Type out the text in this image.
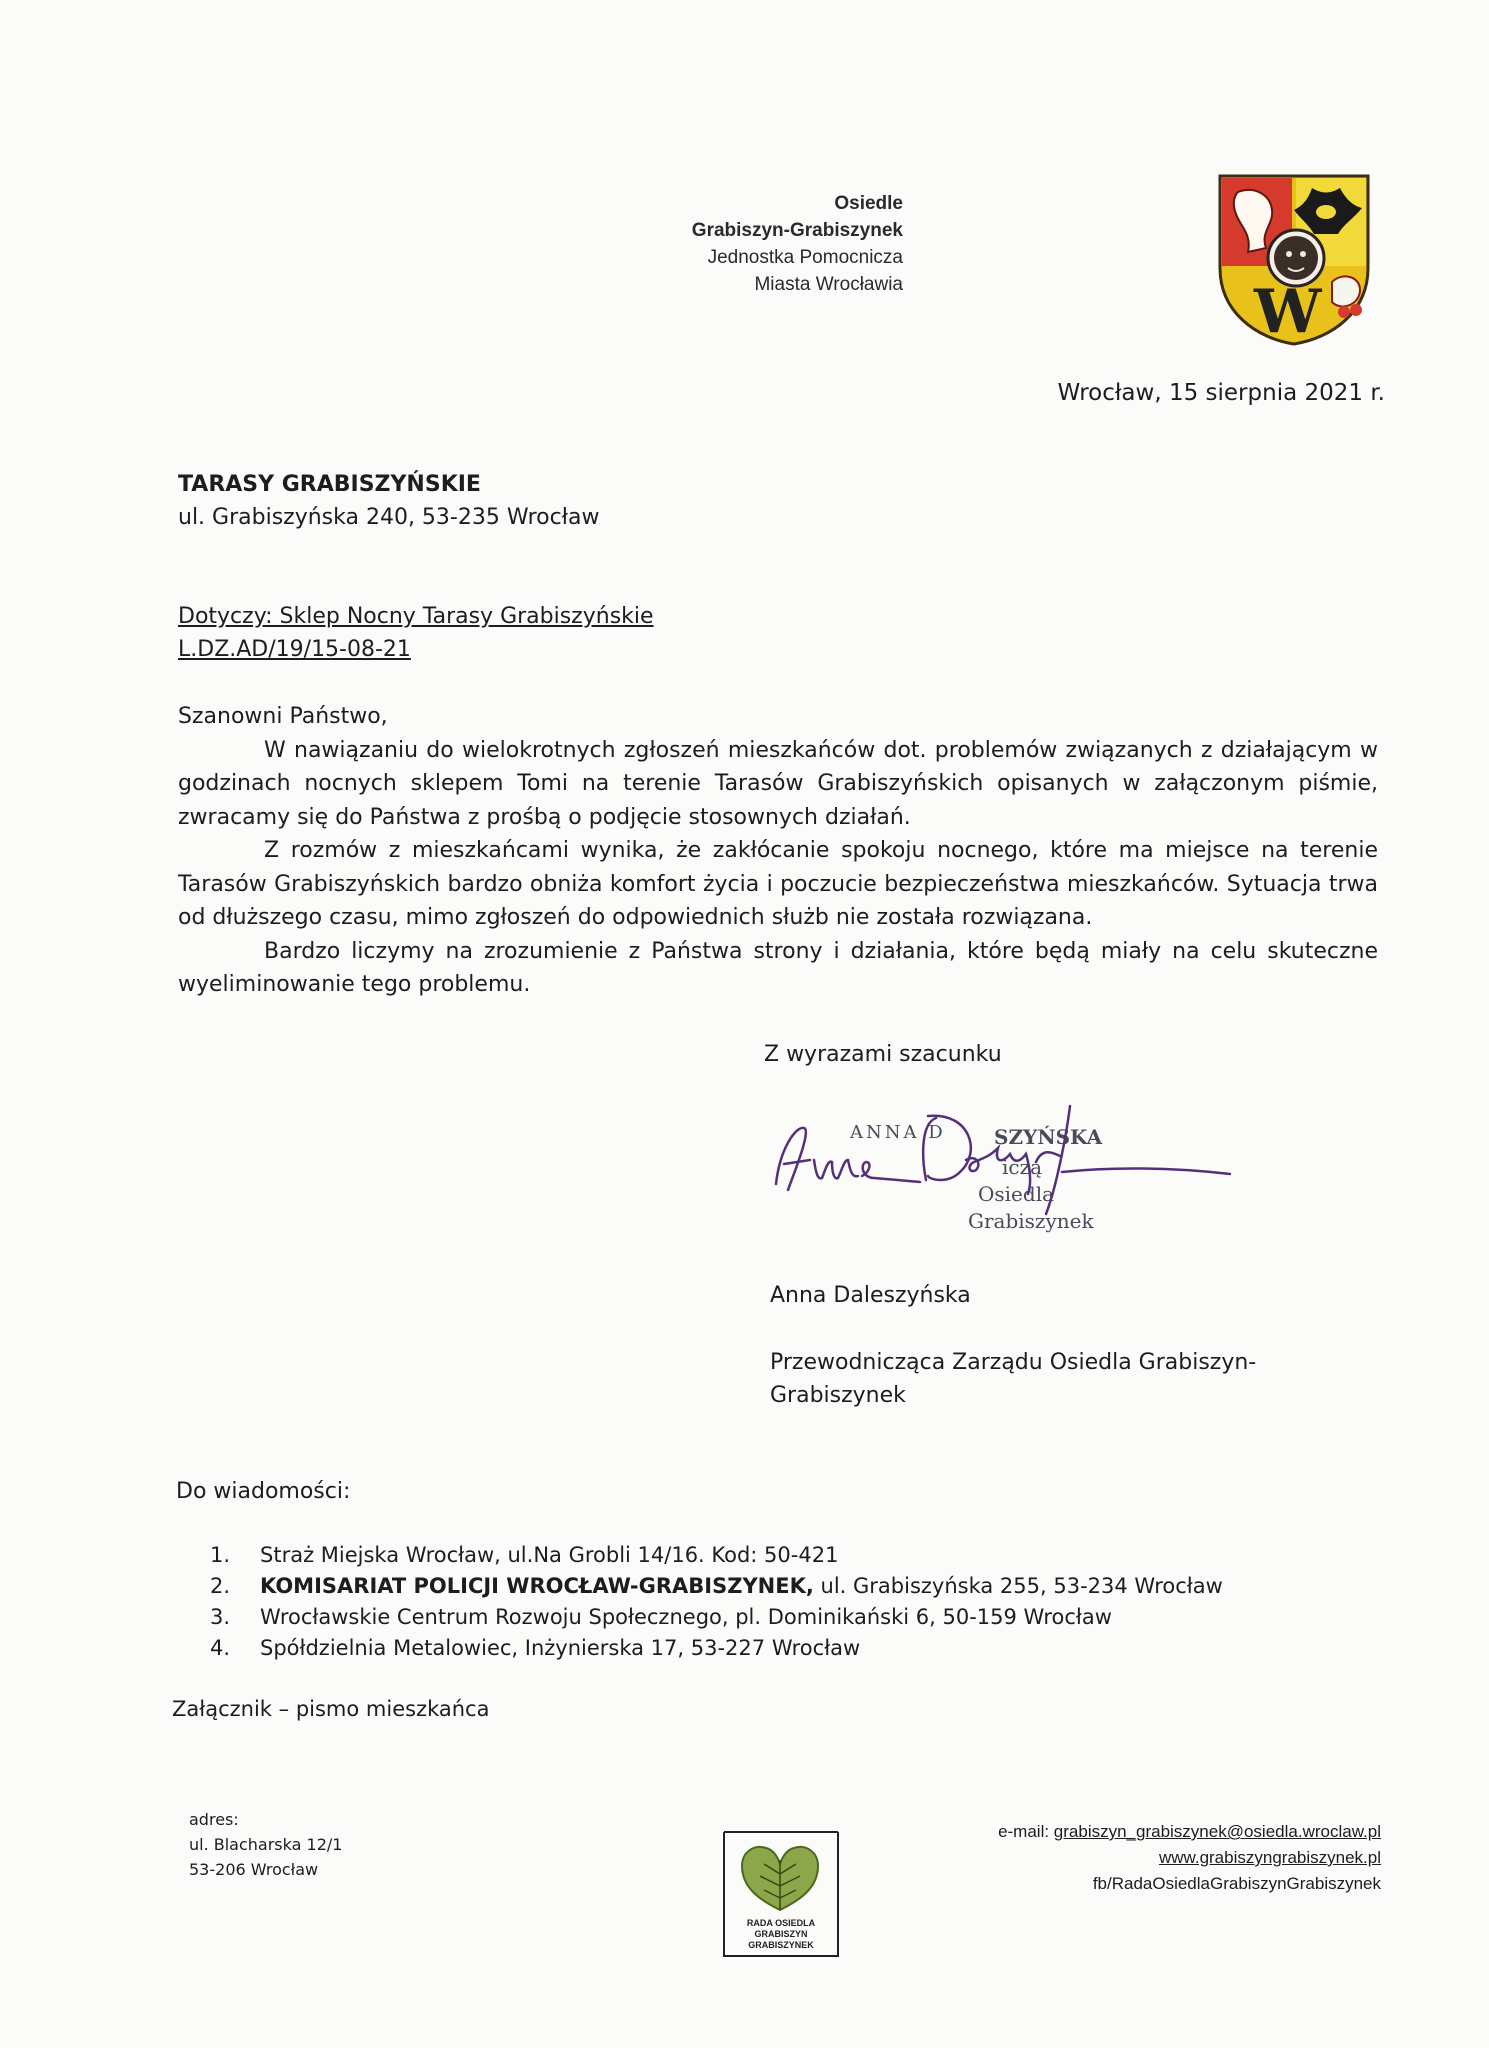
Osiedle
Grabiszyn-Grabiszynek
Jednostka Pomocnicza
Miasta Wrocławia	W
Wrocław, 15 sierpnia 2021 r.
TARASY GRABISZYŃSKIE
ul. Grabiszyńska 240, 53-235 Wrocław
Dotyczy: Sklep Nocny Tarasy Grabiszyńskie
L.DZ.AD/19/15-08-21

Szanowni Państwo,

W nawiązaniu do wielokrotnych zgłoszeń mieszkańców dot. problemów związanych z działającym w godzinach nocnych sklepem Tomi na terenie Tarasów Grabiszyńskich opisanych w załączonym piśmie, zwracamy się do Państwa z prośbą o podjęcie stosownych działań.

Z rozmów z mieszkańcami wynika, że zakłócanie spokoju nocnego, które ma miejsce na terenie Tarasów Grabiszyńskich bardzo obniża komfort życia i poczucie bezpieczeństwa mieszkańców. Sytuacja trwa od dłuższego czasu, mimo zgłoszeń do odpowiednich służb nie została rozwiązana.

Bardzo liczymy na zrozumienie z Państwa strony i działania, które będą miały na celu skuteczne wyeliminowanie tego problemu.

Z wyrazami szacunku
ANNA D SZYŃSKA
iczą
Osiedla
Grabiszynek
Anna Daleszyńska
Przewodnicząca Zarządu Osiedla Grabiszyn-
Grabiszynek
Do wiadomości:
1.	Straż Miejska Wrocław, ul.Na Grobli 14/16. Kod: 50-421
2.	KOMISARIAT POLICJI WROCŁAW-GRABISZYNEK, ul. Grabiszyńska 255, 53-234 Wrocław
3.	Wrocławskie Centrum Rozwoju Społecznego, pl. Dominikański 6, 50-159 Wrocław
4.	Spółdzielnia Metalowiec, Inżynierska 17, 53-227 Wrocław
Załącznik – pismo mieszkańca
adres:
ul. Blacharska 12/1
53-206 Wrocław
RADA OSIEDLA
GRABISZYN
GRABISZYNEK
e-mail: grabiszyn_grabiszynek@osiedla.wroclaw.pl
www.grabiszyngrabiszynek.pl
fb/RadaOsiedlaGrabiszynGrabiszynek
